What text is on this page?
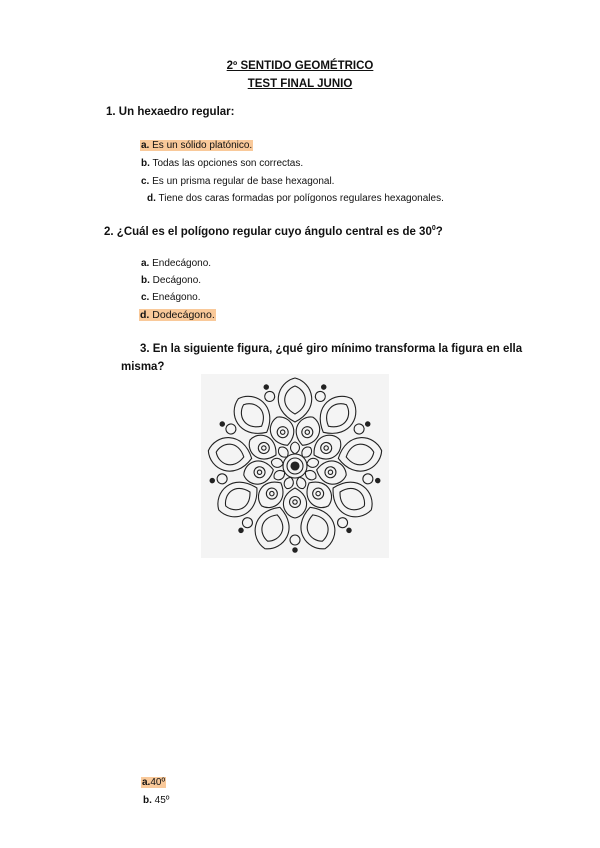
2º SENTIDO GEOMÉTRICO
TEST FINAL JUNIO
1. Un hexaedro regular:
a. Es un sólido platónico.
b. Todas las opciones son correctas.
c. Es un prisma regular de base hexagonal.
d. Tiene dos caras formadas por polígonos regulares hexagonales.
2. ¿Cuál es el polígono regular cuyo ángulo central es de $30^0$?
a. Endecágono.
b. Decágono.
c. Eneágono.
d. Dodecágono.
3. En la siguiente figura, ¿qué giro mínimo transforma la figura en ella
misma?
a.40º
b. 45º
